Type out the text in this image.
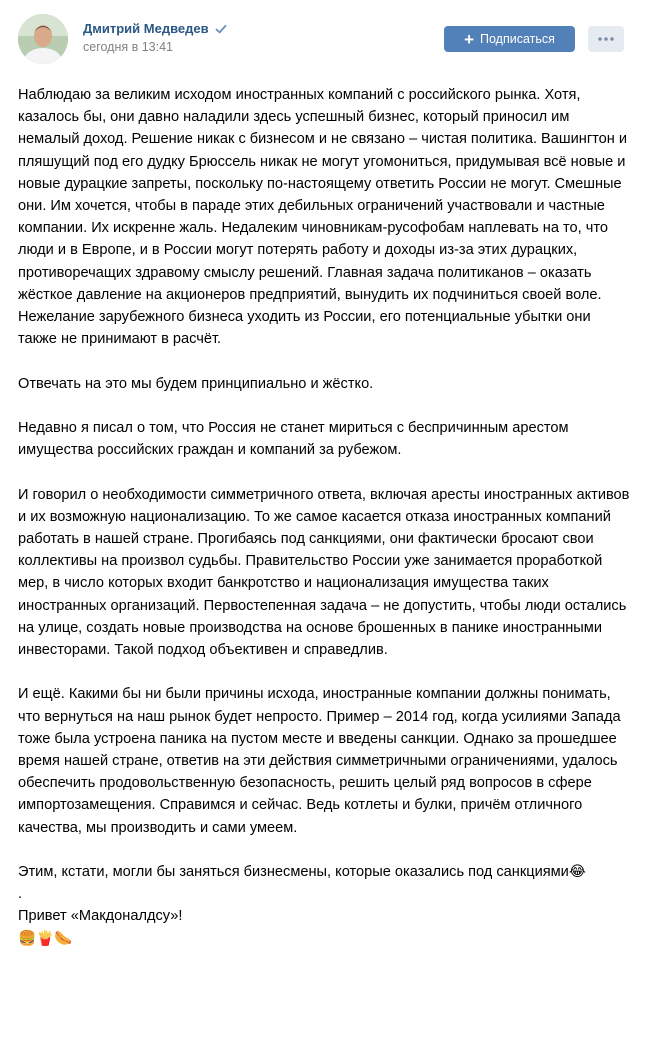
Дмитрий Медведев
сегодня в 13:41	+ Подписаться

Наблюдаю за великим исходом иностранных компаний с российского рынка. Хотя, казалось бы, они давно наладили здесь успешный бизнес, который приносил им немалый доход. Решение никак с бизнесом и не связано – чистая политика. Вашингтон и пляшущий под его дудку Брюссель никак не могут угомониться, придумывая всё новые и новые дурацкие запреты, поскольку по-настоящему ответить России не могут. Смешные они. Им хочется, чтобы в параде этих дебильных ограничений участвовали и частные компании. Их искренне жаль. Недалеким чиновникам-русофобам наплевать на то, что люди и в Европе, и в России могут потерять работу и доходы из-за этих дурацких, противоречащих здравому смыслу решений. Главная задача политиканов – оказать жёсткое давление на акционеров предприятий, вынудить их подчиниться своей воле. Нежелание зарубежного бизнеса уходить из России, его потенциальные убытки они также не принимают в расчёт.

Отвечать на это мы будем принципиально и жёстко.

Недавно я писал о том, что Россия не станет мириться с беспричинным арестом имущества российских граждан и компаний за рубежом.

И говорил о необходимости симметричного ответа, включая аресты иностранных активов и их возможную национализацию. То же самое касается отказа иностранных компаний работать в нашей стране. Прогибаясь под санкциями, они фактически бросают свои коллективы на произвол судьбы. Правительство России уже занимается проработкой мер, в число которых входит банкротство и национализация имущества таких иностранных организаций. Первостепенная задача – не допустить, чтобы люди остались на улице, создать новые производства на основе брошенных в панике иностранными инвесторами. Такой подход объективен и справедлив.

И ещё. Какими бы ни были причины исхода, иностранные компании должны понимать, что вернуться на наш рынок будет непросто. Пример – 2014 год, когда усилиями Запада тоже была устроена паника на пустом месте и введены санкции. Однако за прошедшее время нашей стране, ответив на эти действия симметричными ограничениями, удалось обеспечить продовольственную безопасность, решить целый ряд вопросов в сфере импортозамещения. Справимся и сейчас. Ведь котлеты и булки, причём отличного качества, мы производить и сами умеем.

Этим, кстати, могли бы заняться бизнесмены, которые оказались под санкциями😂

.

Привет «Макдоналдсу»!

🍔🍟🌭
